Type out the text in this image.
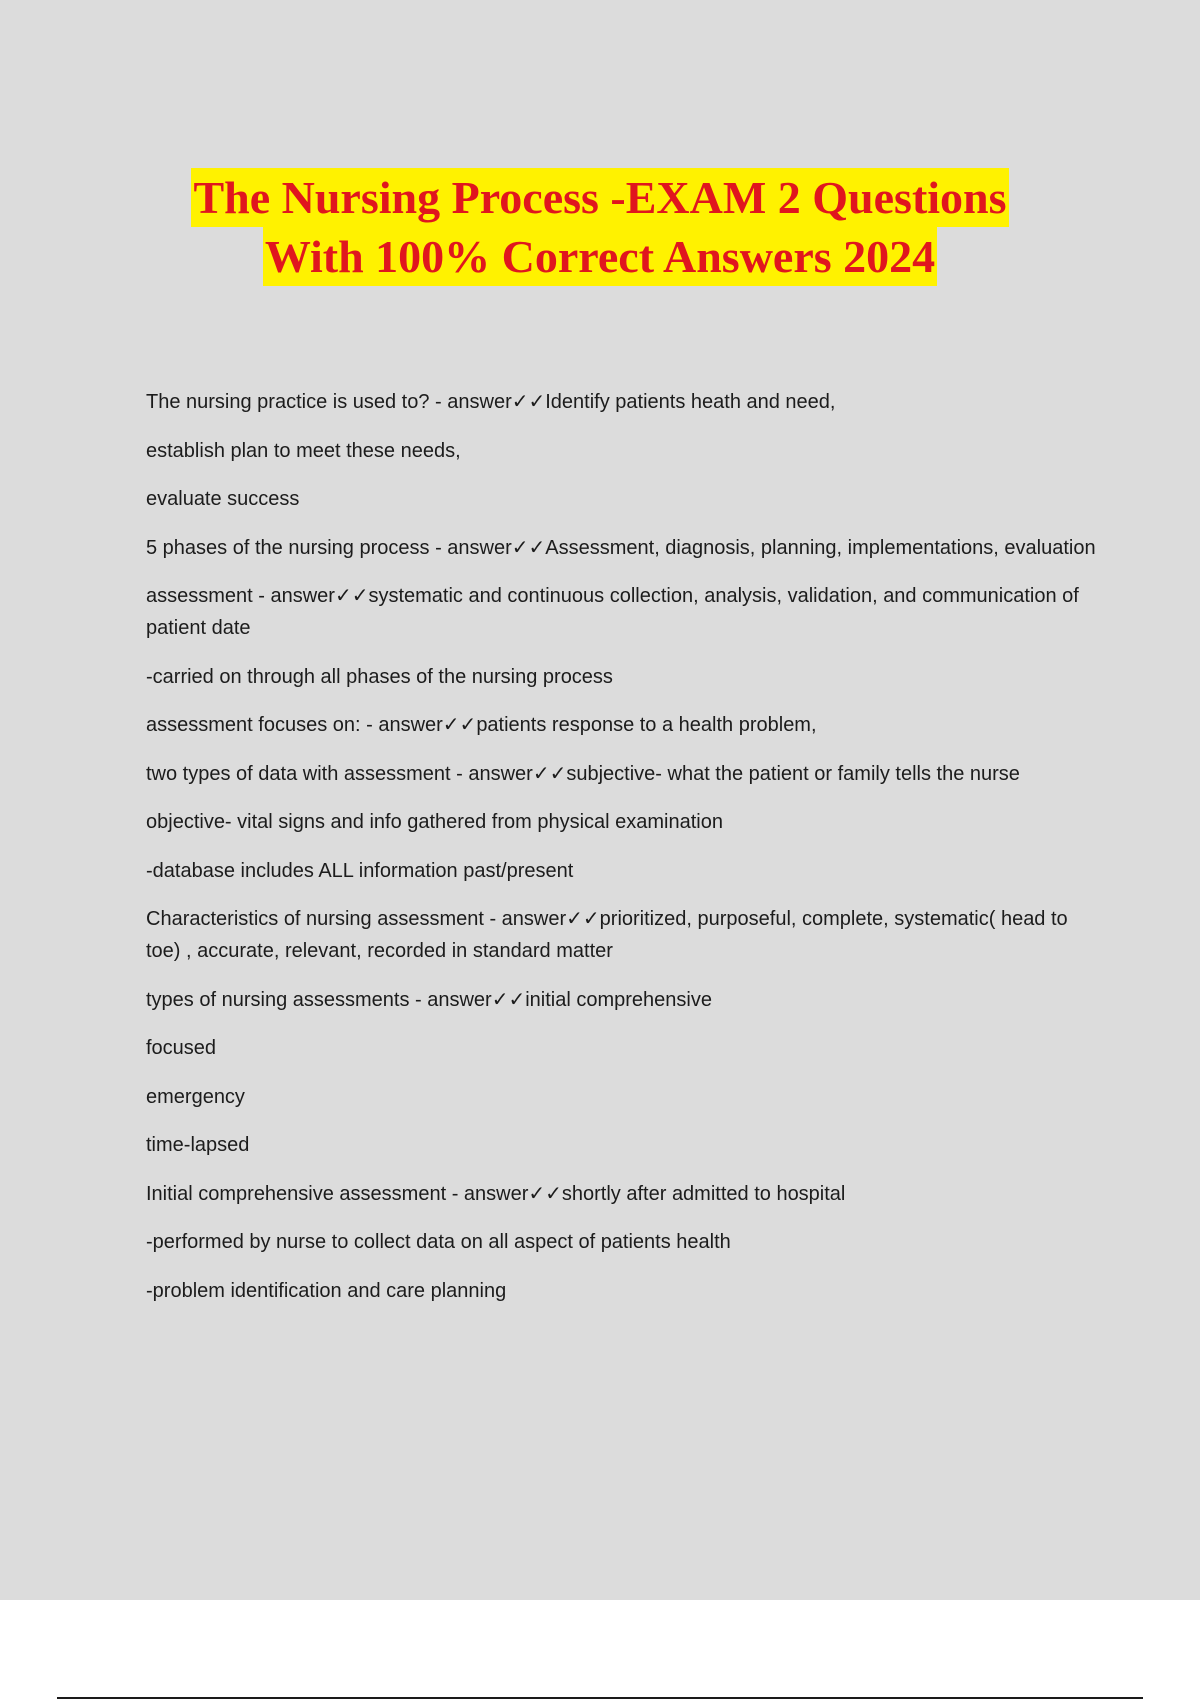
The Nursing Process -EXAM 2 Questions
With 100% Correct Answers 2024

The nursing practice is used to? - answer✓✓Identify patients heath and need,

establish plan to meet these needs,

evaluate success

5 phases of the nursing process - answer✓✓Assessment, diagnosis, planning, implementations, evaluation

assessment - answer✓✓systematic and continuous collection, analysis, validation, and communication of patient date

-carried on through all phases of the nursing process

assessment focuses on: - answer✓✓patients response to a health problem,

two types of data with assessment - answer✓✓subjective- what the patient or family tells the nurse

objective- vital signs and info gathered from physical examination

-database includes ALL information past/present

Characteristics of nursing assessment - answer✓✓prioritized, purposeful, complete, systematic( head to toe) , accurate, relevant, recorded in standard matter

types of nursing assessments - answer✓✓initial comprehensive

focused

emergency

time-lapsed

Initial comprehensive assessment - answer✓✓shortly after admitted to hospital

-performed by nurse to collect data on all aspect of patients health

-problem identification and care planning
